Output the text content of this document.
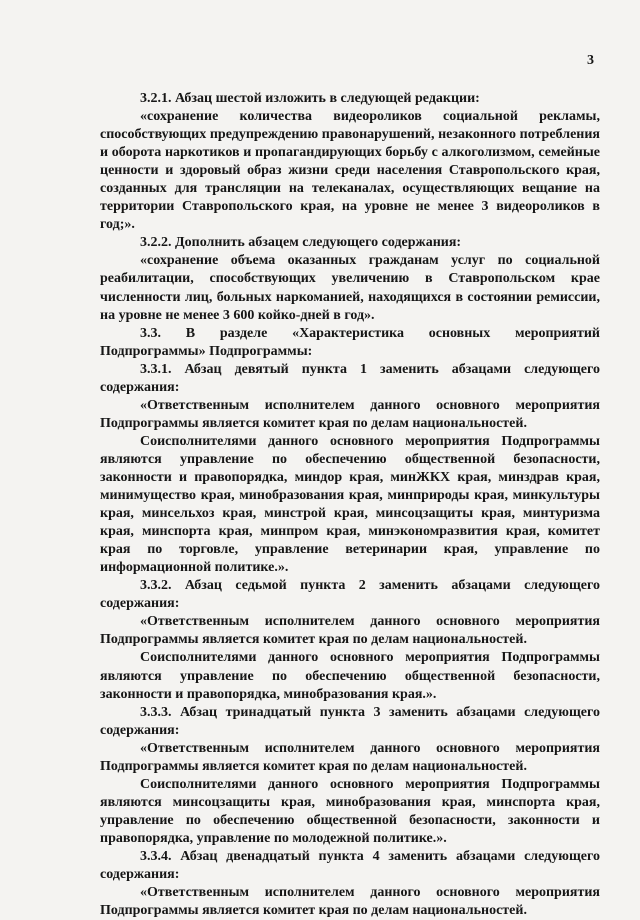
3

3.2.1. Абзац шестой изложить в следующей редакции:

«сохранение количества видеороликов социальной рекламы, способствующих предупреждению правонарушений, незаконного потребления и оборота наркотиков и пропагандирующих борьбу с алкоголизмом, семейные ценности и здоровый образ жизни среди населения Ставропольского края, созданных для трансляции на телеканалах, осуществляющих вещание на территории Ставропольского края, на уровне не менее 3 видеороликов в год;».

3.2.2. Дополнить абзацем следующего содержания:

«сохранение объема оказанных гражданам услуг по социальной реабилитации, способствующих увеличению в Ставропольском крае численности лиц, больных наркоманией, находящихся в состоянии ремиссии, на уровне не менее 3 600 койко-дней в год».

3.3. В разделе «Характеристика основных мероприятий Подпрограммы» Подпрограммы:

3.3.1. Абзац девятый пункта 1 заменить абзацами следующего содержания:

«Ответственным исполнителем данного основного мероприятия Подпрограммы является комитет края по делам национальностей.

Соисполнителями данного основного мероприятия Подпрограммы являются управление по обеспечению общественной безопасности, законности и правопорядка, миндор края, минЖКХ края, минздрав края, минимущество края, минобразования края, минприроды края, минкультуры края, минсельхоз края, минстрой края, минсоцзащиты края, минтуризма края, минспорта края, минпром края, минэкономразвития края, комитет края по торговле, управление ветеринарии края, управление по информационной политике.».

3.3.2. Абзац седьмой пункта 2 заменить абзацами следующего содержания:

«Ответственным исполнителем данного основного мероприятия Подпрограммы является комитет края по делам национальностей.

Соисполнителями данного основного мероприятия Подпрограммы являются управление по обеспечению общественной безопасности, законности и правопорядка, минобразования края.».

3.3.3. Абзац тринадцатый пункта 3 заменить абзацами следующего содержания:

«Ответственным исполнителем данного основного мероприятия Подпрограммы является комитет края по делам национальностей.

Соисполнителями данного основного мероприятия Подпрограммы являются минсоцзащиты края, минобразования края, минспорта края, управление по обеспечению общественной безопасности, законности и правопорядка, управление по молодежной политике.».

3.3.4. Абзац двенадцатый пункта 4 заменить абзацами следующего содержания:

«Ответственным исполнителем данного основного мероприятия Подпрограммы является комитет края по делам национальностей.
